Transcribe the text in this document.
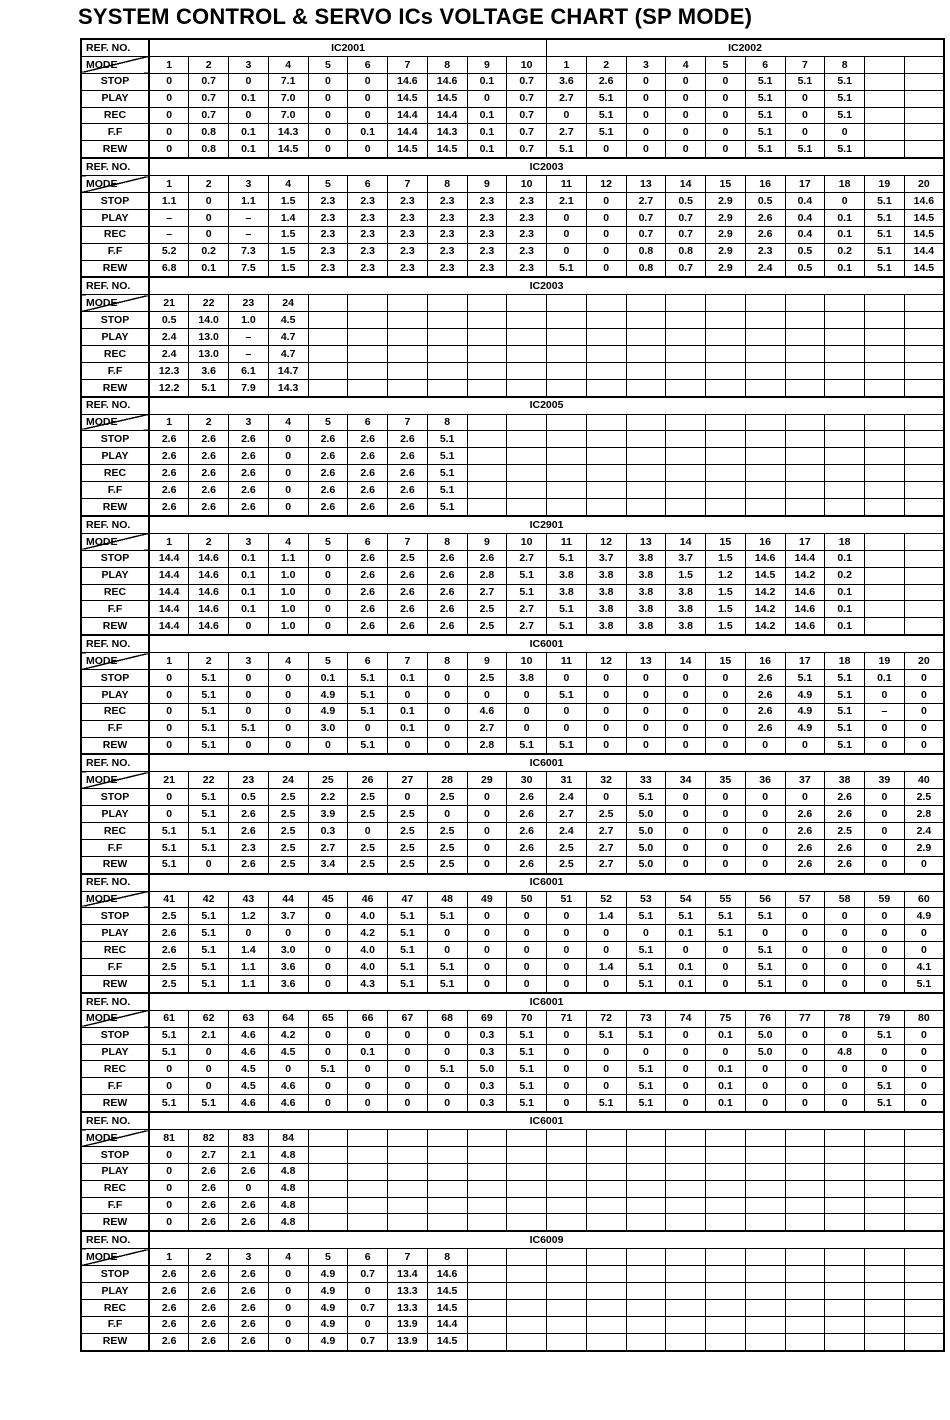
SYSTEM CONTROL & SERVO ICs VOLTAGE CHART (SP MODE)
REF. NO.	IC2001										IC2002									
MODE	1	2	3	4	5	6	7	8	9	10	1	2	3	4	5	6	7	8		
STOP	0	0.7	0	7.1	0	0	14.6	14.6	0.1	0.7	3.6	2.6	0	0	0	5.1	5.1	5.1		
PLAY	0	0.7	0.1	7.0	0	0	14.5	14.5	0	0.7	2.7	5.1	0	0	0	5.1	0	5.1		
REC	0	0.7	0	7.0	0	0	14.4	14.4	0.1	0.7	0	5.1	0	0	0	5.1	0	5.1		
F.F	0	0.8	0.1	14.3	0	0.1	14.4	14.3	0.1	0.7	2.7	5.1	0	0	0	5.1	0	0		
REW	0	0.8	0.1	14.5	0	0	14.5	14.5	0.1	0.7	5.1	0	0	0	0	5.1	5.1	5.1		
REF. NO.	IC2003																			
MODE	1	2	3	4	5	6	7	8	9	10	11	12	13	14	15	16	17	18	19	20
STOP	1.1	0	1.1	1.5	2.3	2.3	2.3	2.3	2.3	2.3	2.1	0	2.7	0.5	2.9	0.5	0.4	0	5.1	14.6
PLAY	–	0	–	1.4	2.3	2.3	2.3	2.3	2.3	2.3	0	0	0.7	0.7	2.9	2.6	0.4	0.1	5.1	14.5
REC	–	0	–	1.5	2.3	2.3	2.3	2.3	2.3	2.3	0	0	0.7	0.7	2.9	2.6	0.4	0.1	5.1	14.5
F.F	5.2	0.2	7.3	1.5	2.3	2.3	2.3	2.3	2.3	2.3	0	0	0.8	0.8	2.9	2.3	0.5	0.2	5.1	14.4
REW	6.8	0.1	7.5	1.5	2.3	2.3	2.3	2.3	2.3	2.3	5.1	0	0.8	0.7	2.9	2.4	0.5	0.1	5.1	14.5
REF. NO.	IC2003																			
MODE	21	22	23	24																
STOP	0.5	14.0	1.0	4.5																
PLAY	2.4	13.0	–	4.7																
REC	2.4	13.0	–	4.7																
F.F	12.3	3.6	6.1	14.7																
REW	12.2	5.1	7.9	14.3																
REF. NO.	IC2005																			
MODE	1	2	3	4	5	6	7	8												
STOP	2.6	2.6	2.6	0	2.6	2.6	2.6	5.1												
PLAY	2.6	2.6	2.6	0	2.6	2.6	2.6	5.1												
REC	2.6	2.6	2.6	0	2.6	2.6	2.6	5.1												
F.F	2.6	2.6	2.6	0	2.6	2.6	2.6	5.1												
REW	2.6	2.6	2.6	0	2.6	2.6	2.6	5.1												
REF. NO.	IC2901																			
MODE	1	2	3	4	5	6	7	8	9	10	11	12	13	14	15	16	17	18		
STOP	14.4	14.6	0.1	1.1	0	2.6	2.5	2.6	2.6	2.7	5.1	3.7	3.8	3.7	1.5	14.6	14.4	0.1		
PLAY	14.4	14.6	0.1	1.0	0	2.6	2.6	2.6	2.8	5.1	3.8	3.8	3.8	1.5	1.2	14.5	14.2	0.2		
REC	14.4	14.6	0.1	1.0	0	2.6	2.6	2.6	2.7	5.1	3.8	3.8	3.8	3.8	1.5	14.2	14.6	0.1		
F.F	14.4	14.6	0.1	1.0	0	2.6	2.6	2.6	2.5	2.7	5.1	3.8	3.8	3.8	1.5	14.2	14.6	0.1		
REW	14.4	14.6	0	1.0	0	2.6	2.6	2.6	2.5	2.7	5.1	3.8	3.8	3.8	1.5	14.2	14.6	0.1		
REF. NO.	IC6001																			
MODE	1	2	3	4	5	6	7	8	9	10	11	12	13	14	15	16	17	18	19	20
STOP	0	5.1	0	0	0.1	5.1	0.1	0	2.5	3.8	0	0	0	0	0	2.6	5.1	5.1	0.1	0
PLAY	0	5.1	0	0	4.9	5.1	0	0	0	0	5.1	0	0	0	0	2.6	4.9	5.1	0	0
REC	0	5.1	0	0	4.9	5.1	0.1	0	4.6	0	0	0	0	0	0	2.6	4.9	5.1	–	0
F.F	0	5.1	5.1	0	3.0	0	0.1	0	2.7	0	0	0	0	0	0	2.6	4.9	5.1	0	0
REW	0	5.1	0	0	0	5.1	0	0	2.8	5.1	5.1	0	0	0	0	0	0	5.1	0	0
REF. NO.	IC6001																			
MODE	21	22	23	24	25	26	27	28	29	30	31	32	33	34	35	36	37	38	39	40
STOP	0	5.1	0.5	2.5	2.2	2.5	0	2.5	0	2.6	2.4	0	5.1	0	0	0	0	2.6	0	2.5
PLAY	0	5.1	2.6	2.5	3.9	2.5	2.5	0	0	2.6	2.7	2.5	5.0	0	0	0	2.6	2.6	0	2.8
REC	5.1	5.1	2.6	2.5	0.3	0	2.5	2.5	0	2.6	2.4	2.7	5.0	0	0	0	2.6	2.5	0	2.4
F.F	5.1	5.1	2.3	2.5	2.7	2.5	2.5	2.5	0	2.6	2.5	2.7	5.0	0	0	0	2.6	2.6	0	2.9
REW	5.1	0	2.6	2.5	3.4	2.5	2.5	2.5	0	2.6	2.5	2.7	5.0	0	0	0	2.6	2.6	0	0
REF. NO.	IC6001																			
MODE	41	42	43	44	45	46	47	48	49	50	51	52	53	54	55	56	57	58	59	60
STOP	2.5	5.1	1.2	3.7	0	4.0	5.1	5.1	0	0	0	1.4	5.1	5.1	5.1	5.1	0	0	0	4.9
PLAY	2.6	5.1	0	0	0	4.2	5.1	0	0	0	0	0	0	0.1	5.1	0	0	0	0	0
REC	2.6	5.1	1.4	3.0	0	4.0	5.1	0	0	0	0	0	5.1	0	0	5.1	0	0	0	0
F.F	2.5	5.1	1.1	3.6	0	4.0	5.1	5.1	0	0	0	1.4	5.1	0.1	0	5.1	0	0	0	4.1
REW	2.5	5.1	1.1	3.6	0	4.3	5.1	5.1	0	0	0	0	5.1	0.1	0	5.1	0	0	0	5.1
REF. NO.	IC6001																			
MODE	61	62	63	64	65	66	67	68	69	70	71	72	73	74	75	76	77	78	79	80
STOP	5.1	2.1	4.6	4.2	0	0	0	0	0.3	5.1	0	5.1	5.1	0	0.1	5.0	0	0	5.1	0
PLAY	5.1	0	4.6	4.5	0	0.1	0	0	0.3	5.1	0	0	0	0	0	5.0	0	4.8	0	0
REC	0	0	4.5	0	5.1	0	0	5.1	5.0	5.1	0	0	5.1	0	0.1	0	0	0	0	0
F.F	0	0	4.5	4.6	0	0	0	0	0.3	5.1	0	0	5.1	0	0.1	0	0	0	5.1	0
REW	5.1	5.1	4.6	4.6	0	0	0	0	0.3	5.1	0	5.1	5.1	0	0.1	0	0	0	5.1	0
REF. NO.	IC6001																			
MODE	81	82	83	84																
STOP	0	2.7	2.1	4.8																
PLAY	0	2.6	2.6	4.8																
REC	0	2.6	0	4.8																
F.F	0	2.6	2.6	4.8																
REW	0	2.6	2.6	4.8																
REF. NO.	IC6009																			
MODE	1	2	3	4	5	6	7	8												
STOP	2.6	2.6	2.6	0	4.9	0.7	13.4	14.6												
PLAY	2.6	2.6	2.6	0	4.9	0	13.3	14.5												
REC	2.6	2.6	2.6	0	4.9	0.7	13.3	14.5												
F.F	2.6	2.6	2.6	0	4.9	0	13.9	14.4												
REW	2.6	2.6	2.6	0	4.9	0.7	13.9	14.5												
